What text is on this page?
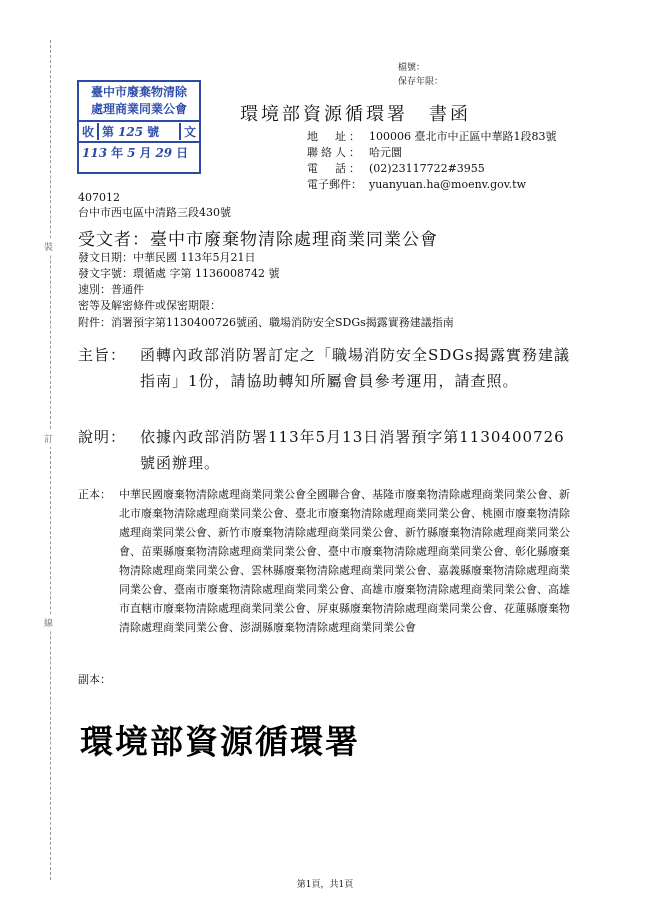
裝
訂
線
檔號：
保存年限：
臺中市廢棄物清除
處理商業同業公會
收 第 125 號 文
113 年 5 月 29 日
環境部資源循環署　書函
地　址： 100006 臺北市中正區中華路1段83號
聯絡人： 哈元圜
電　話： (02)23117722#3955
電子郵件： yuanyuan.ha@moenv.gov.tw
407012
台中市西屯區中清路三段430號
受文者：臺中市廢棄物清除處理商業同業公會
發文日期：中華民國 113年5月21日
發文字號：環循處 字第 1136008742 號
速別：普通件
密等及解密條件或保密期限：
附件：消署預字第1130400726號函、職場消防安全SDGs揭露實務建議指南
主旨： 函轉內政部消防署訂定之「職場消防安全SDGs揭露實務建議指南」1份，請協助轉知所屬會員參考運用，請查照。
說明： 依據內政部消防署113年5月13日消署預字第1130400726號函辦理。
正本： 中華民國廢棄物清除處理商業同業公會全國聯合會、基隆市廢棄物清除處理商業同業公會、新北市廢棄物清除處理商業同業公會、臺北市廢棄物清除處理商業同業公會、桃園市廢棄物清除處理商業同業公會、新竹市廢棄物清除處理商業同業公會、新竹縣廢棄物清除處理商業同業公會、苗栗縣廢棄物清除處理商業同業公會、臺中市廢棄物清除處理商業同業公會、彰化縣廢棄物清除處理商業同業公會、雲林縣廢棄物清除處理商業同業公會、嘉義縣廢棄物清除處理商業同業公會、臺南市廢棄物清除處理商業同業公會、高雄市廢棄物清除處理商業同業公會、高雄市直轄市廢棄物清除處理商業同業公會、屏東縣廢棄物清除處理商業同業公會、花蓮縣廢棄物清除處理商業同業公會、澎湖縣廢棄物清除處理商業同業公會
副本：
環境部資源循環署
第1頁，共1頁
